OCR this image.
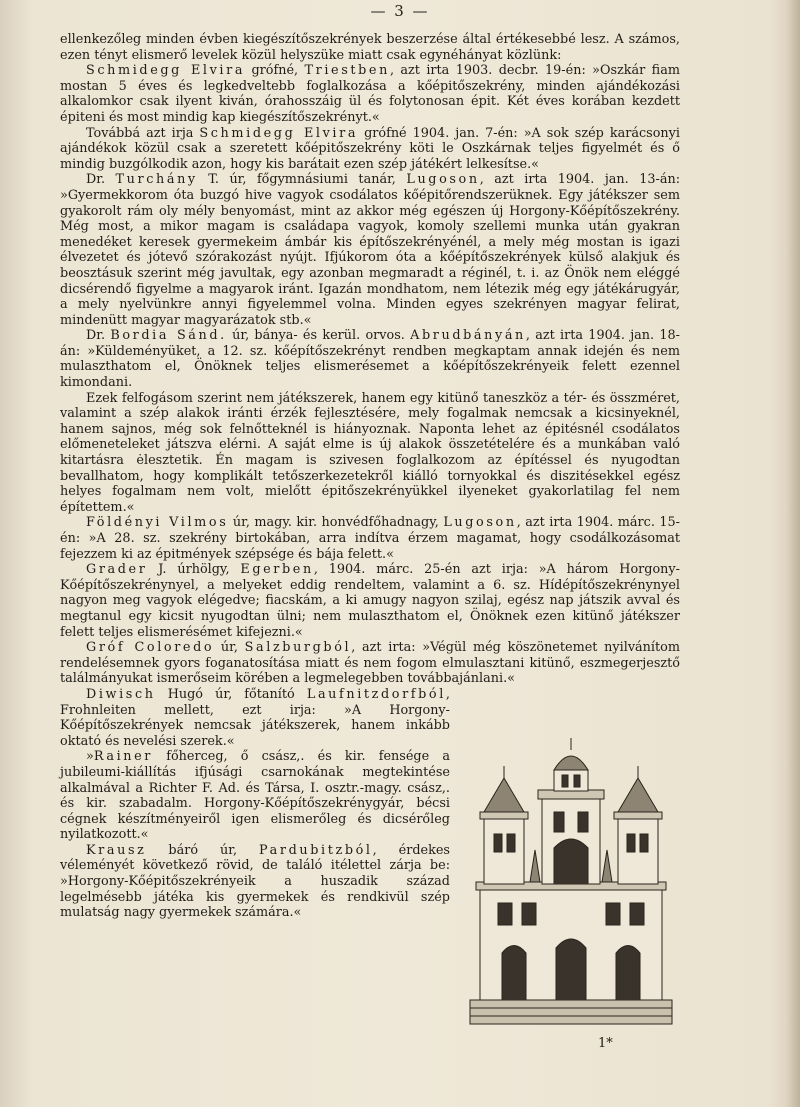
— 3 —

ellenkezőleg minden évben kiegészítőszekrények beszerzése által értékesebbé lesz. A számos, ezen tényt elismerő levelek közül helyszüke miatt csak egynéhányat közlünk:

Schmidegg Elvira grófné, Triestben, azt irta 1903. decbr. 19-én: »Oszkár fiam mostan 5 éves és legkedveltebb foglalkozása a kőépitőszekrény, minden ajándékozási alkalomkor csak ilyent kiván, órahosszáig ül és folytonosan épit. Két éves korában kezdett épiteni és most mindig kap kiegészítőszekrényt.«

Továbbá azt irja Schmidegg Elvira grófné 1904. jan. 7-én: »A sok szép karácsonyi ajándékok közül csak a szeretett kőépitőszekrény köti le Oszkárnak teljes figyelmét és ő mindig buzgólkodik azon, hogy kis barátait ezen szép játékért lelkesítse.«

Dr. Turchány T. úr, főgymnásiumi tanár, Lugoson, azt irta 1904. jan. 13-án: »Gyermekkorom óta buzgó hive vagyok csodálatos kőépitőrendszerüknek. Egy játékszer sem gyakorolt rám oly mély benyomást, mint az akkor még egészen új Horgony-Kőépítőszekrény. Még most, a mikor magam is családapa vagyok, komoly szellemi munka után gyakran menedéket keresek gyermekeim ámbár kis építőszekrényénél, a mely még mostan is igazi élvezetet és jótevő szórakozást nyújt. Ifjúkorom óta a kőépítőszekrények külső alakjuk és beosztásuk szerint még javultak, egy azonban megmaradt a réginél, t. i. az Önök nem eléggé dicsérendő figyelme a magyarok iránt. Igazán mondhatom, nem létezik még egy játékárugyár, a mely nyelvünkre annyi figyelemmel volna. Minden egyes szekrényen magyar felirat, mindenütt magyar magyarázatok stb.«

Dr. Bordia Sánd. úr, bánya- és kerül. orvos. Abrudbányán, azt irta 1904. jan. 18-án: »Küldeményüket, a 12. sz. kőépítőszekrényt rendben megkaptam annak idején és nem mulaszthatom el, Önöknek teljes elismerésemet a kőépítőszekrényeik felett ezennel kimondani.

Ezek felfogásom szerint nem játékszerek, hanem egy kitünő taneszköz a tér- és összméret, valamint a szép alakok iránti érzék fejlesztésére, mely fogalmak nemcsak a kicsinyeknél, hanem sajnos, még sok felnőtteknél is hiányoznak. Naponta lehet az épitésnél csodálatos előmeneteleket játszva elérni. A saját elme is új alakok összetételére és a munkában való kitartásra ėlesztetik. Én magam is szivesen foglalkozom az építéssel és nyugodtan bevallhatom, hogy komplikált tetőszerkezetekről kiálló tornyokkal és diszitésekkel egész helyes fogalmam nem volt, mielőtt épitőszekrényükkel ilyeneket gyakorlatilag fel nem építettem.«

Földényi Vilmos úr, magy. kir. honvédfőhadnagy, Lugoson, azt irta 1904. márc. 15-én: »A 28. sz. szekrény birtokában, arra indítva érzem magamat, hogy csodálkozásomat fejezzem ki az épitmények szépsége és bája felett.«

Grader J. úrhölgy, Egerben, 1904. márc. 25-én azt irja: »A három Horgony-Kőépítőszekrénynyel, a melyeket eddig rendeltem, valamint a 6. sz. Hídépítőszekrénynyel nagyon meg vagyok elégedve; fiacskám, a ki amugy nagyon szilaj, egész nap játszik avval és megtanul egy kicsit nyugodtan ülni; nem mulaszthatom el, Önöknek ezen kitünő játékszer felett teljes elismerésémet kifejezni.«

Gróf Coloredo úr, Salzburgból, azt irta: »Végül még köszönetemet nyilvánítom rendelésemnek gyors foganatosítása miatt és nem fogom elmulasztani kitünő, eszmegerjesztő találmányukat ismerőseim körében a legmelegebben továbbajánlani.«

Diwisch Hugó úr, főtanító Laufnitzdorfból, Frohnleiten mellett, ezt irja: »A Horgony-Kőépítőszekrények nemcsak játékszerek, hanem inkább oktató és nevelési szerek.«

»Rainer főherceg, ő csász,. és kir. fensége a jubileumi-kiállítás ifjúsági csarnokának megtekintése alkalmával a Richter F. Ad. és Társa, I. osztr.-magy. csász,. és kir. szabadalm. Horgony-Kőépítőszekrénygyár, bécsi cégnek készítményeiről igen elismerőleg és dicsérőleg nyilatkozott.«

Krausz báró úr, Pardubitzból, érdekes véleményét következő rövid, de találó itélettel zárja be: »Horgony-Kőépitőszekrényeik a huszadik század legelmésebb játéka kis gyermekek és rendkivül szép mulatság nagy gyermekek számára.«

1*
